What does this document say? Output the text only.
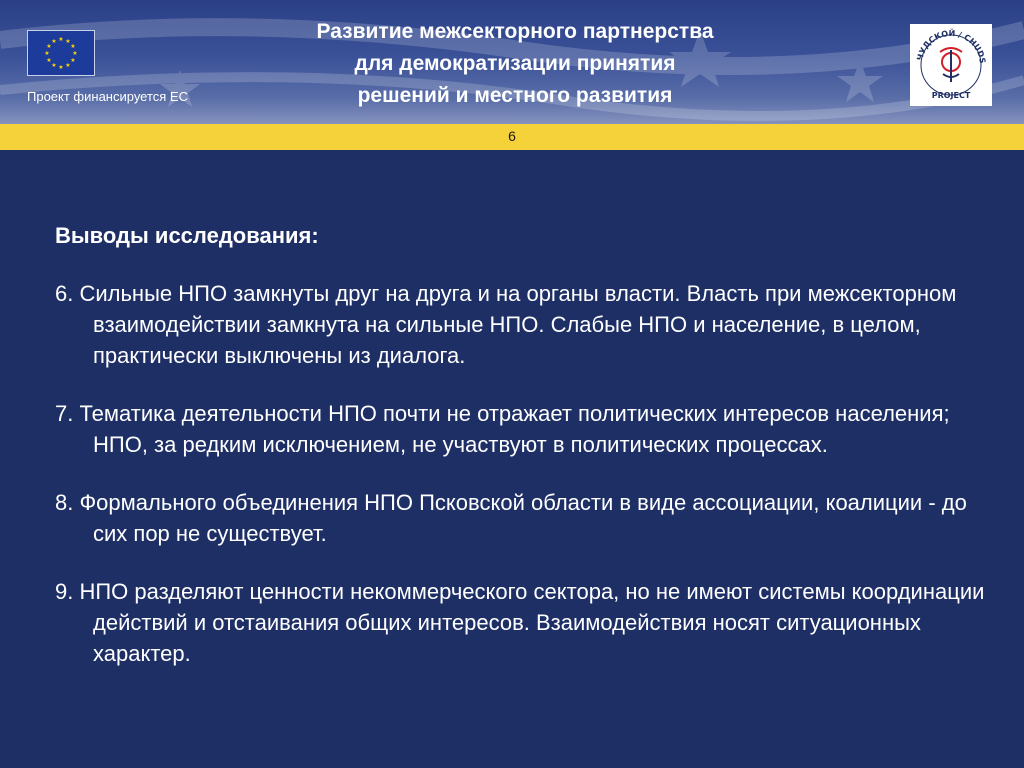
★ ★
★
★
★
★
★
★
★
★
★
★
Проект финансируется ЕС
Развитие межсекторного партнерства
для демократизации принятия
решений и местного развития
ЧУДСКОЙ / CHUDS
PROJECT
6
Выводы исследования:
6. Сильные НПО замкнуты друг на друга и на органы власти. Власть при межсекторном взаимодействии замкнута на сильные НПО. Слабые НПО и население, в целом, практически выключены из диалога.
7. Тематика деятельности НПО почти не отражает политических интересов населения; НПО, за редким исключением, не участвуют в политических процессах.
8. Формального объединения НПО Псковской области в виде ассоциации, коалиции - до сих пор не существует.
9. НПО разделяют ценности некоммерческого сектора, но не имеют системы координации действий и отстаивания общих интересов. Взаимодействия носят ситуационных характер.
